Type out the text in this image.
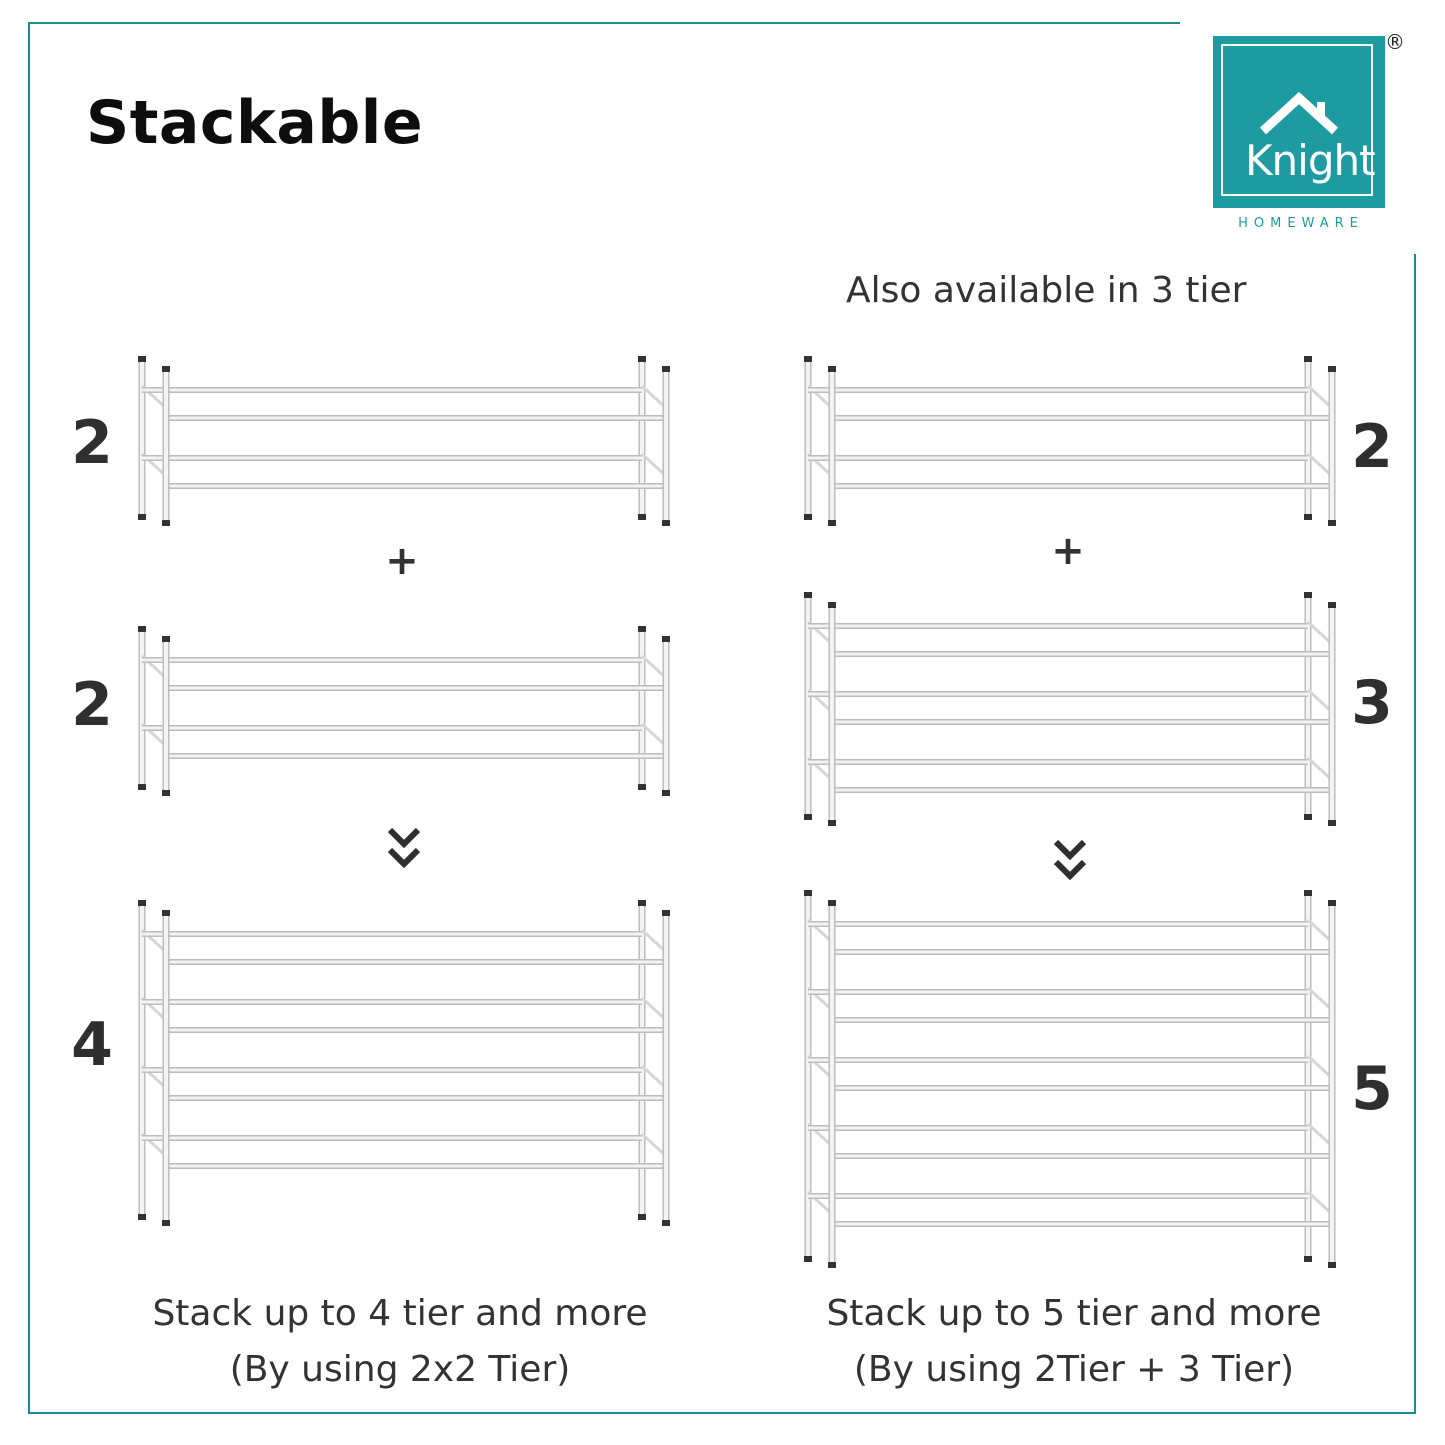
Stackable
Knight
HOMEWARE
®
Also available in 3 tier
2
+
2
4
Stack up to 4 tier and more
(By using 2x2 Tier)
2
+
3
5
Stack up to 5 tier and more
(By using 2Tier + 3 Tier)
